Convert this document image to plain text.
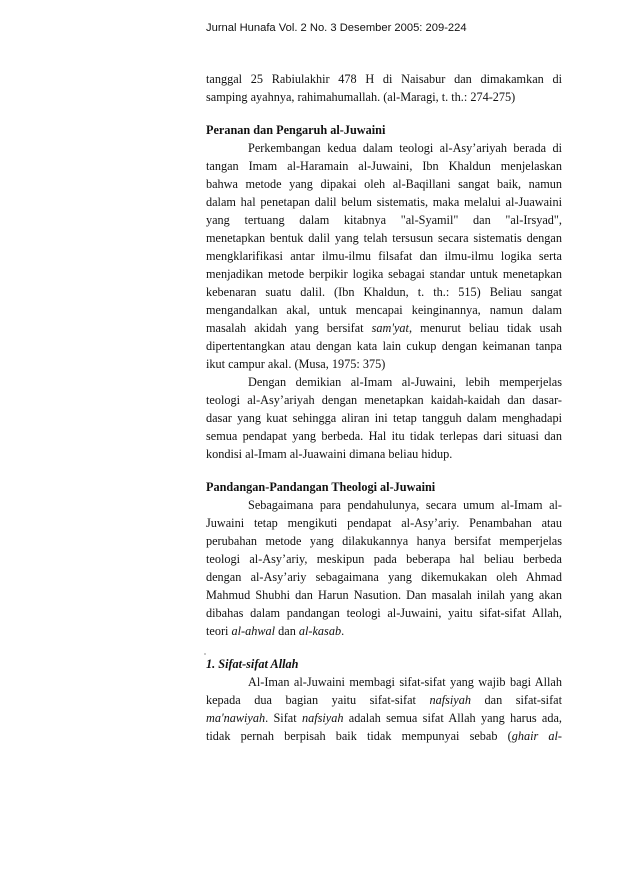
Jurnal Hunafa Vol. 2 No. 3 Desember 2005: 209-224
tanggal 25 Rabiulakhir 478 H di Naisabur dan dimakamkan di
samping ayahnya, rahimahumallah. (al-Maragi, t. th.: 274-275)
Peranan dan Pengaruh al-Juwaini
Perkembangan kedua dalam teologi al-Asy’ariyah berada di
tangan Imam al-Haramain al-Juwaini, Ibn Khaldun menjelaskan
bahwa metode yang dipakai oleh al-Baqillani sangat baik, namun
dalam hal penetapan dalil belum sistematis, maka melalui al-Juawaini
yang tertuang dalam kitabnya "al-Syamil" dan "al-Irsyad",
menetapkan bentuk dalil yang telah tersusun secara sistematis dengan
mengklarifikasi antar ilmu-ilmu filsafat dan ilmu-ilmu logika serta
menjadikan metode berpikir logika sebagai standar untuk menetapkan
kebenaran suatu dalil. (Ibn Khaldun, t. th.: 515) Beliau sangat
mengandalkan akal, untuk mencapai keinginannya, namun dalam
masalah akidah yang bersifat sam'yat, menurut beliau tidak usah
dipertentangkan atau dengan kata lain cukup dengan keimanan tanpa
ikut campur akal. (Musa, 1975: 375)
Dengan demikian al-Imam al-Juwaini, lebih memperjelas
teologi al-Asy’ariyah dengan menetapkan kaidah-kaidah dan dasar-
dasar yang kuat sehingga aliran ini tetap tangguh dalam menghadapi
semua pendapat yang berbeda. Hal itu tidak terlepas dari situasi dan
kondisi al-Imam al-Juawaini dimana beliau hidup.
Pandangan-Pandangan Theologi al-Juwaini
Sebagaimana para pendahulunya, secara umum al-Imam al-
Juwaini tetap mengikuti pendapat al-Asy’ariy. Penambahan atau
perubahan metode yang dilakukannya hanya bersifat memperjelas
teologi al-Asy’ariy, meskipun pada beberapa hal beliau berbeda
dengan al-Asy’ariy sebagaimana yang dikemukakan oleh Ahmad
Mahmud Shubhi dan Harun Nasution. Dan masalah inilah yang akan
dibahas dalam pandangan teologi al-Juwaini, yaitu sifat-sifat Allah,
teori al-ahwal dan al-kasab.
1. Sifat-sifat Allah
Al-Iman al-Juwaini membagi sifat-sifat yang wajib bagi Allah
kepada dua bagian yaitu sifat-sifat nafsiyah dan sifat-sifat
ma'nawiyah. Sifat nafsiyah adalah semua sifat Allah yang harus ada,
tidak pernah berpisah baik tidak mempunyai sebab (ghair al-
